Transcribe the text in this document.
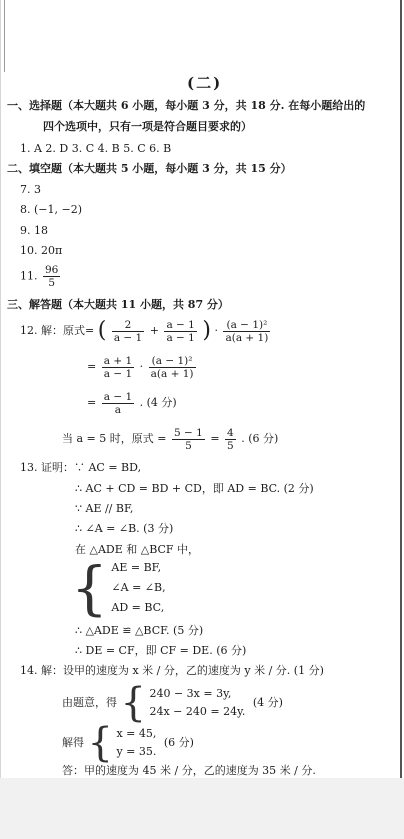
(二)
一、选择题（本大题共 6 小题，每小题 3 分，共 18 分. 在每小题给出的
四个选项中，只有一项是符合题目要求的）
1. A 2. D 3. C 4. B 5. C 6. B
二、填空题（本大题共 5 小题，每小题 3 分，共 15 分）
7. 3
8. (−1, −2)
9. 18
10. 20π
11. $\frac{96}{5}$
三、解答题（本大题共 11 小题，共 87 分）
12. 解：原式= ( $\frac{2}{a - 1} + \frac{a - 1}{a - 1}$ ) · $\frac{\text{(a − 1)²}}{a(a + 1)}$
= $\frac{a + 1}{a - 1} \cdot \frac{\text{(a − 1)²}}{a(a + 1)}$
= $\frac{a - 1}{a}$ . (4 分)
当 a = 5 时，原式 = $\frac{5 - 1}{5} = \frac{4}{5}$ . (6 分)
13. 证明：∵ AC = BD,
∴ AC + CD = BD + CD，即 AD = BC. (2 分)
∵ AE // BF,
∴ ∠A = ∠B. (3 分)
在 △ADE 和 △BCF 中，
{ AE = BF,
∠A = ∠B,
AD = BC,
∴ △ADE ≌ △BCF. (5 分)
∴ DE = CF，即 CF = DE. (6 分)
14. 解：设甲的速度为 x 米 / 分，乙的速度为 y 米 / 分. (1 分)
由题意，得 { 240 − 3x = 3y,
24x − 240 = 24y.
(4 分)
解得 { x = 45,
y = 35.
(6 分)
答：甲的速度为 45 米 / 分，乙的速度为 35 米 / 分.
